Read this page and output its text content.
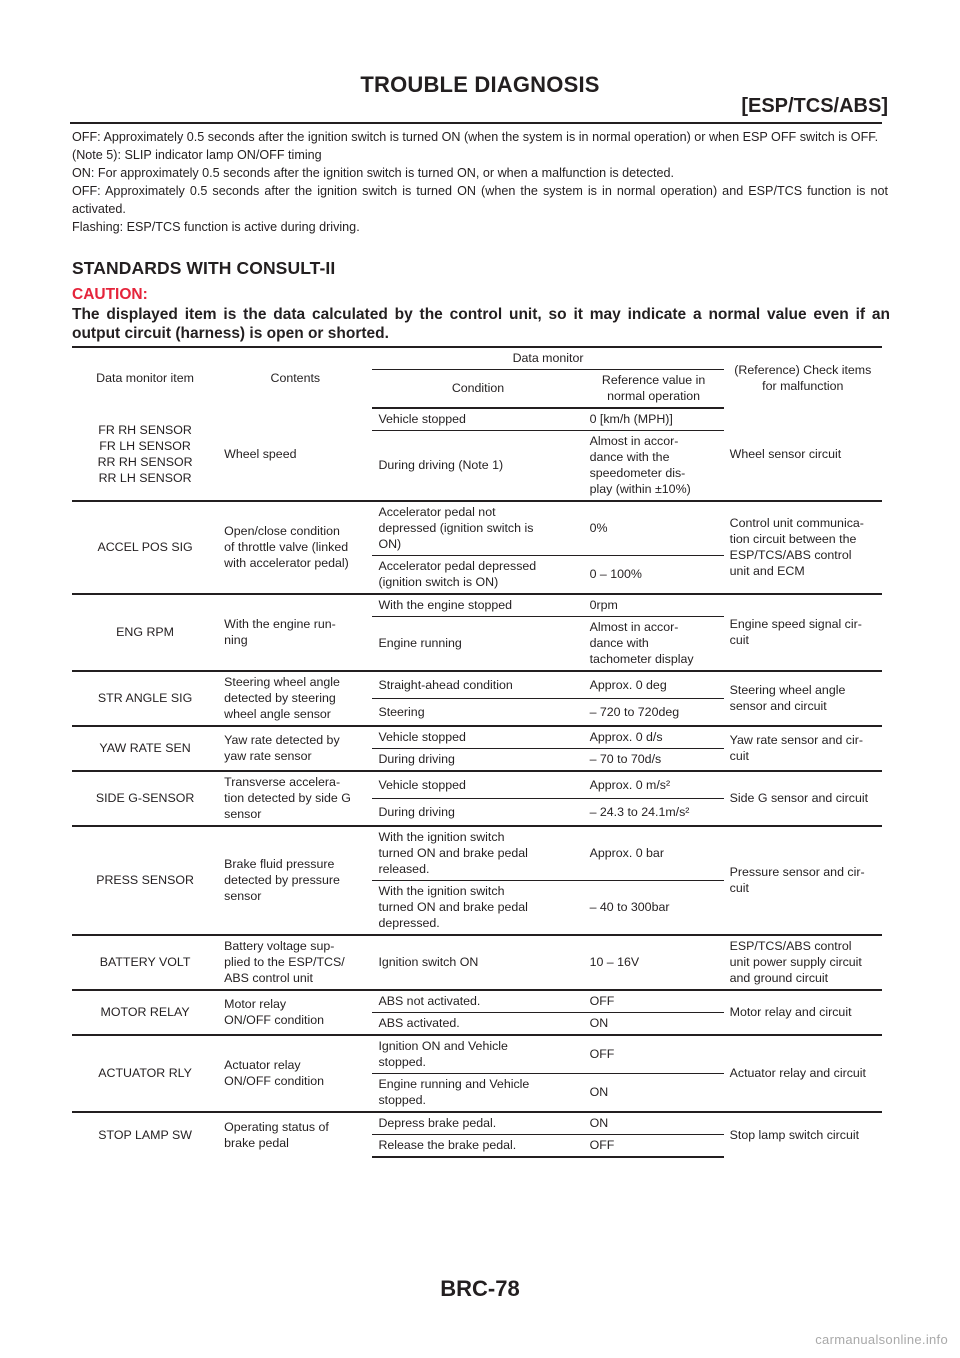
TROUBLE DIAGNOSIS
[ESP/TCS/ABS]

OFF: Approximately 0.5 seconds after the ignition switch is turned ON (when the system is in normal operation) or when ESP OFF switch is OFF.

(Note 5): SLIP indicator lamp ON/OFF timing

ON: For approximately 0.5 seconds after the ignition switch is turned ON, or when a malfunction is detected.

OFF: Approximately 0.5 seconds after the ignition switch is turned ON (when the system is in normal operation) and ESP/TCS function is not activated.

Flashing: ESP/TCS function is active during driving.

STANDARDS WITH CONSULT-II
CAUTION:
The displayed item is the data calculated by the control unit, so it may indicate a normal value even if an output circuit (harness) is open or shorted.
Data monitor item	Contents	Data monitor		(Reference) Check items for malfunction
		Condition	Reference value in normal operation	
FR RH SENSOR
FR LH SENSOR
RR RH SENSOR
RR LH SENSOR	Wheel speed	Vehicle stopped	0 [km/h (MPH)]	Wheel sensor circuit
		During driving (Note 1)	Almost in accor-
dance with the
speedometer dis-
play (within ±10%)	
ACCEL POS SIG	Open/close condition
of throttle valve (linked
with accelerator pedal)	Accelerator pedal not
depressed (ignition switch is
ON)	0%	Control unit communica-
tion circuit between the
ESP/TCS/ABS control
unit and ECM
		Accelerator pedal depressed
(ignition switch is ON)	0 – 100%	
ENG RPM	With the engine run-
ning	With the engine stopped	0rpm	Engine speed signal cir-
cuit
		Engine running	Almost in accor-
dance with
tachometer display	
STR ANGLE SIG	Steering wheel angle
detected by steering
wheel angle sensor	Straight-ahead condition	Approx. 0 deg	Steering wheel angle
sensor and circuit
		Steering	– 720 to 720deg	
YAW RATE SEN	Yaw rate detected by
yaw rate sensor	Vehicle stopped	Approx. 0 d/s	Yaw rate sensor and cir-
cuit
		During driving	– 70 to 70d/s	
SIDE G-SENSOR	Transverse accelera-
tion detected by side G
sensor	Vehicle stopped	Approx. 0 m/s²	Side G sensor and circuit
		During driving	– 24.3 to 24.1m/s²	
PRESS SENSOR	Brake fluid pressure
detected by pressure
sensor	With the ignition switch
turned ON and brake pedal
released.	Approx. 0 bar	Pressure sensor and cir-
cuit
		With the ignition switch
turned ON and brake pedal
depressed.	– 40 to 300bar	
BATTERY VOLT	Battery voltage sup-
plied to the ESP/TCS/
ABS control unit	Ignition switch ON	10 – 16V	ESP/TCS/ABS control
unit power supply circuit
and ground circuit
MOTOR RELAY	Motor relay
ON/OFF condition	ABS not activated.	OFF	Motor relay and circuit
		ABS activated.	ON	
ACTUATOR RLY	Actuator relay
ON/OFF condition	Ignition ON and Vehicle
stopped.	OFF	Actuator relay and circuit
		Engine running and Vehicle
stopped.	ON	
STOP LAMP SW	Operating status of
brake pedal	Depress brake pedal.	ON	Stop lamp switch circuit
		Release the brake pedal.	OFF	
BRC-78
carmanualsonline.info
